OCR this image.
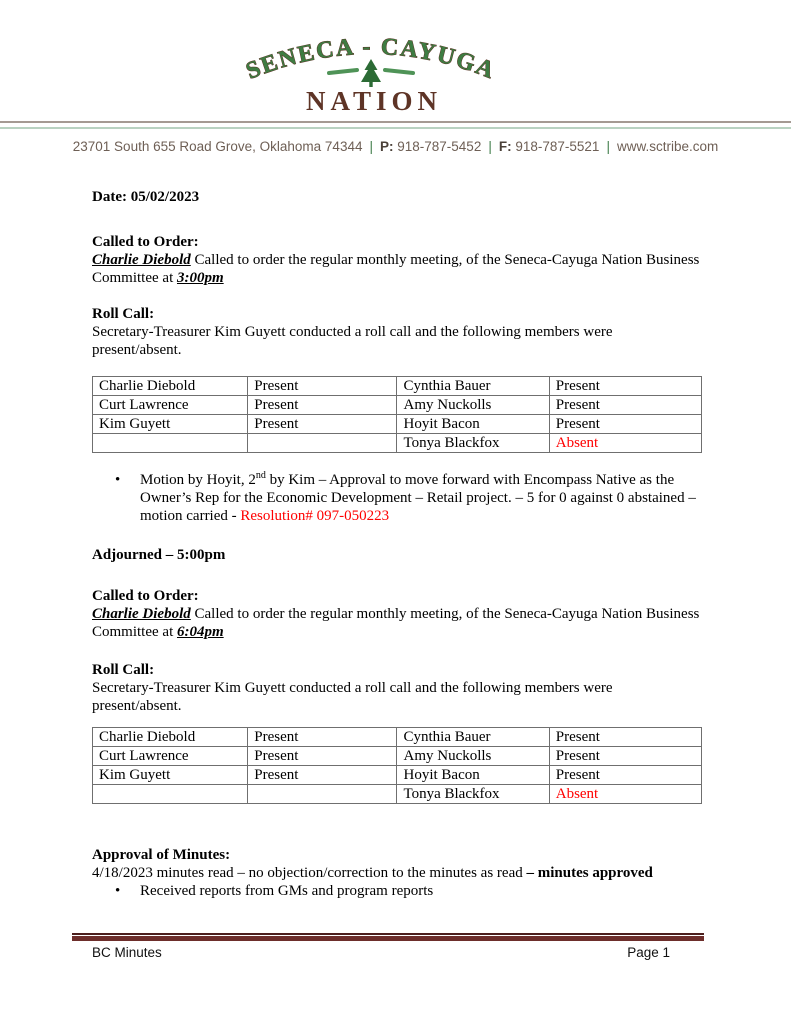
SENECA - CAYUGA
NATION
23701 South 655 Road Grove, Oklahoma 74344 | P: 918-787-5452 | F: 918-787-5521 | www.sctribe.com

Date: 05/02/2023

Called to Order:

Charlie Diebold Called to order the regular monthly meeting, of the Seneca-Cayuga Nation Business Committee at 3:00pm

Roll Call:

Secretary-Treasurer Kim Guyett conducted a roll call and the following members were present/absent.

Charlie Diebold	Present	Cynthia Bauer	Present
Curt Lawrence	Present	Amy Nuckolls	Present
Kim Guyett	Present	Hoyit Bacon	Present
		Tonya Blackfox	Absent
• Motion by Hoyit, 2nd by Kim – Approval to move forward with Encompass Native as the Owner’s Rep for the Economic Development – Retail project. – 5 for 0 against 0 abstained – motion carried - Resolution# 097-050223

Adjourned – 5:00pm

Called to Order:

Charlie Diebold Called to order the regular monthly meeting, of the Seneca-Cayuga Nation Business Committee at 6:04pm

Roll Call:

Secretary-Treasurer Kim Guyett conducted a roll call and the following members were present/absent.

Charlie Diebold	Present	Cynthia Bauer	Present
Curt Lawrence	Present	Amy Nuckolls	Present
Kim Guyett	Present	Hoyit Bacon	Present
		Tonya Blackfox	Absent

Approval of Minutes:

4/18/2023 minutes read – no objection/correction to the minutes as read – minutes approved

• Received reports from GMs and program reports
BC Minutes	Page 1
